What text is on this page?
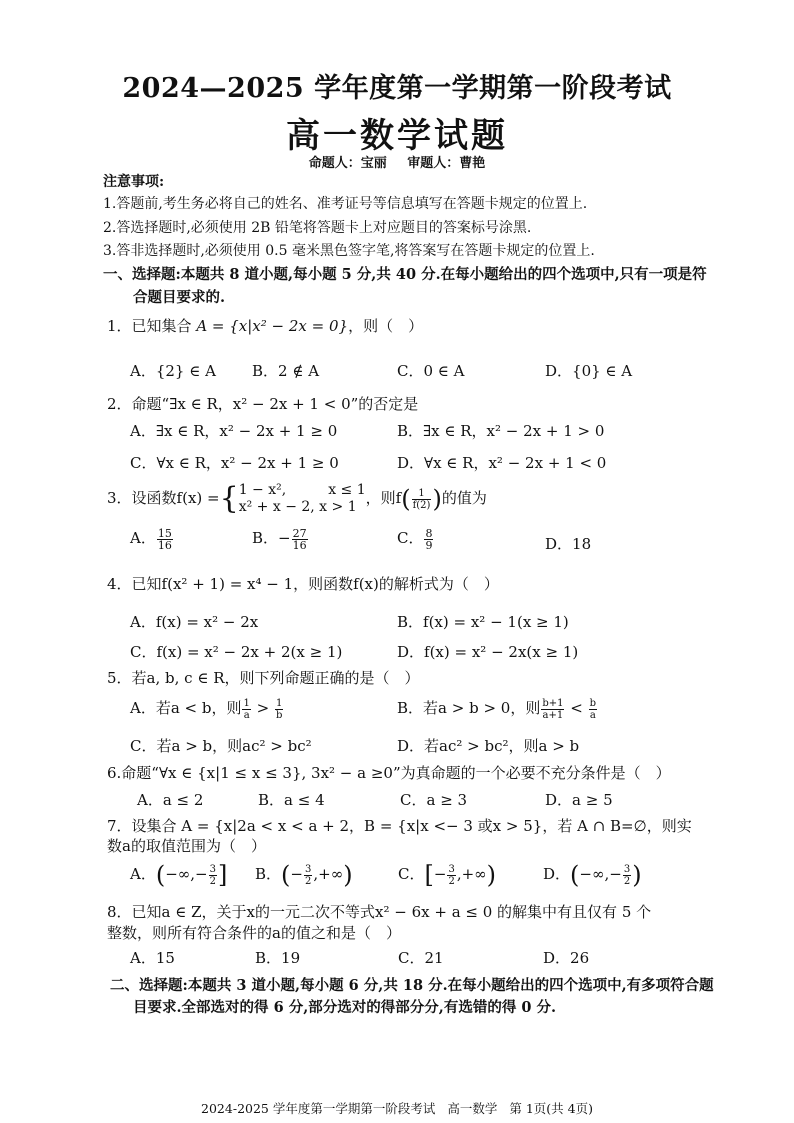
2024—2025 学年度第一学期第一阶段考试
高一数学试题
命题人：宝丽 审题人：曹艳
注意事项:
1.答题前,考生务必将自己的姓名、准考证号等信息填写在答题卡规定的位置上.
2.答选择题时,必须使用 2B 铅笔将答题卡上对应题目的答案标号涂黑.
3.答非选择题时,必须使用 0.5 毫米黑色签字笔,将答案写在答题卡规定的位置上.
一、选择题:本题共 8 道小题,每小题 5 分,共 40 分.在每小题给出的四个选项中,只有一项是符
合题目要求的.
1．已知集合 A = {x|x² − 2x = 0}，则（　）
A．{2} ∈ A B．2 ∉ A	C．0 ∈ A	D．{0} ∈ A
2．命题“∃x ∈ R，x² − 2x + 1 < 0”的否定是
A．∃x ∈ R，x² − 2x + 1 ≥ 0	B．∃x ∈ R，x² − 2x + 1 > 0
C．∀x ∈ R，x² − 2x + 1 ≥ 0	D．∀x ∈ R，x² − 2x + 1 < 0
3．设函数f(x) ={ 1 − x²,　　　x ≤ 1
x² + x − 2, x > 1 ，则$f( \frac{1}{f(2)}$ )的值为
A． $\frac{15}{16}$	B．− $\frac{27}{16}$	C． $\frac{8}{9}$	D．18
4．已知f(x² + 1) = x⁴ − 1，则函数f(x)的解析式为（　）
A．f(x) = x² − 2x	B．f(x) = x² − 1(x ≥ 1)
C．f(x) = x² − 2x + 2(x ≥ 1)	D．f(x) = x² − 2x(x ≥ 1)
5．若a, b, c ∈ R，则下列命题正确的是（　）
A．若a < b，则 $\frac{1}{a} > \frac{1}{b}$	B．若a > b > 0，则 $\frac{b+1}{a+1} < \frac{b}{a}$
C．若a > b，则ac² > bc²	D．若ac² > bc²，则a > b
6.命题“∀x ∈ {x|1 ≤ x ≤ 3}, 3x² − a ≥0”为真命题的一个必要不充分条件是（　）
A．a ≤ 2	B．a ≤ 4	C．a ≥ 3	D．a ≥ 5
7．设集合 A = {x|2a < x < a + 2，B = {x|x <− 3 或x > 5}，若 A ∩ B=∅，则实
数a的取值范围为（　）
A．(−∞,− $\frac{3}{2}$ ] B．(− $\frac{3}{2}$ ,+∞)	C．[− $\frac{3}{2}$ ,+∞)	D．(−∞,− $\frac{3}{2}$ )
8．已知a ∈ Z，关于x的一元二次不等式x² − 6x + a ≤ 0 的解集中有且仅有 5 个
整数，则所有符合条件的a的值之和是（　）
A．15	B．19	C．21	D．26
二、选择题:本题共 3 道小题,每小题 6 分,共 18 分.在每小题给出的四个选项中,有多项符合题
目要求.全部选对的得 6 分,部分选对的得部分分,有选错的得 0 分.
2024-2025 学年度第一学期第一阶段考试 高一数学 第 1页(共 4页)
